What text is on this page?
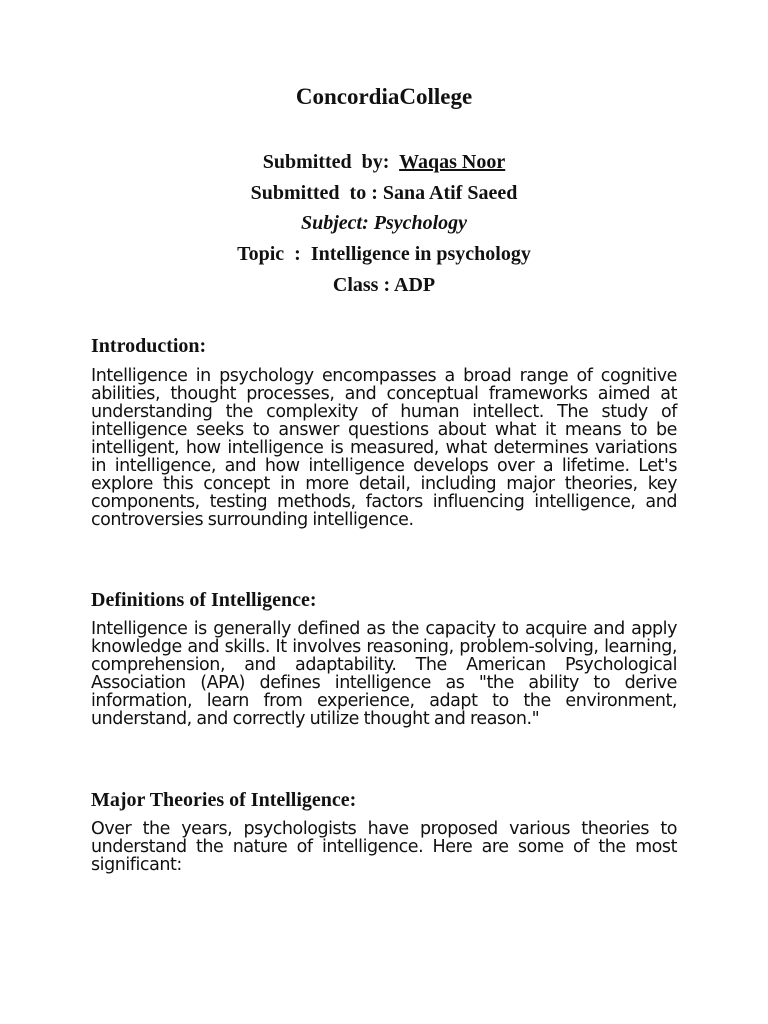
ConcordiaCollege
Submitted  by: Waqas Noor
Submitted  to : Sana Atif Saeed
Subject: Psychology
Topic  :  Intelligence in psychology
Class : ADP
Introduction:
Intelligence in psychology encompasses a broad range of cognitive abilities, thought processes, and conceptual frameworks aimed at understanding the complexity of human intellect. The study of intelligence seeks to answer questions about what it means to be intelligent, how intelligence is measured, what determines variations in intelligence, and how intelligence develops over a lifetime. Let's explore this concept in more detail, including major theories, key components, testing methods, factors influencing intelligence, and controversies surrounding intelligence.
Definitions of Intelligence:
Intelligence is generally defined as the capacity to acquire and apply knowledge and skills. It involves reasoning, problem-solving, learning, comprehension, and adaptability. The American Psychological Association (APA) defines intelligence as "the ability to derive information, learn from experience, adapt to the environment, understand, and correctly utilize thought and reason."
Major Theories of Intelligence:
Over the years, psychologists have proposed various theories to understand the nature of intelligence. Here are some of the most significant:
